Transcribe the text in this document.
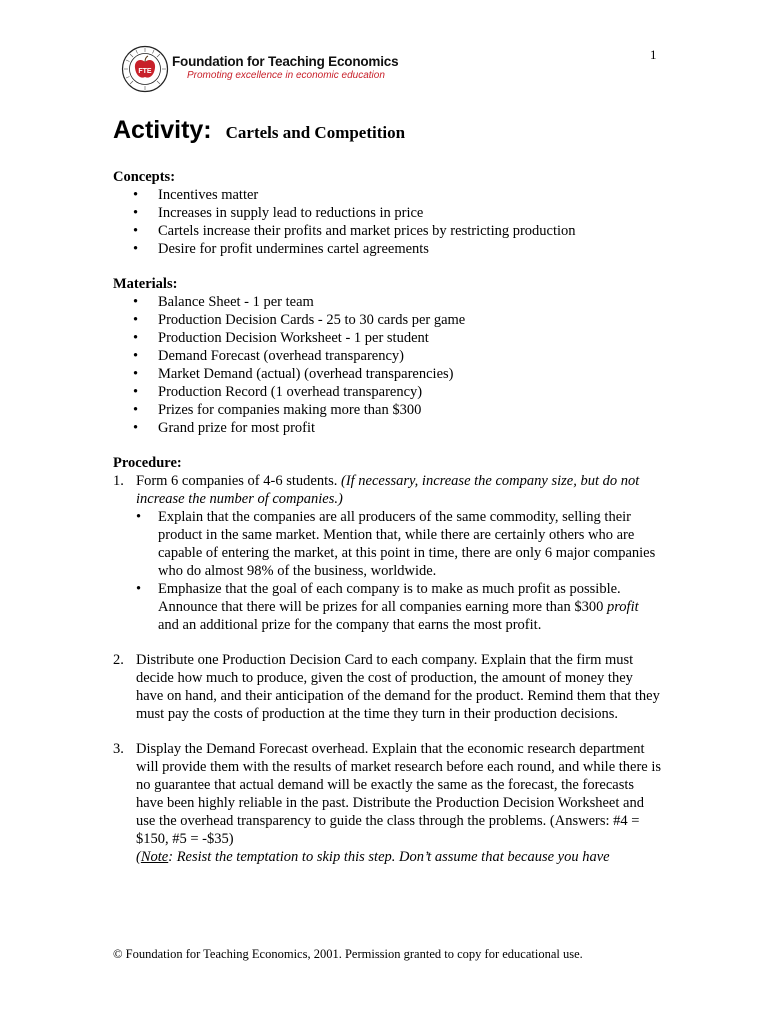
1
FTE
Foundation for Teaching Economics
Promoting excellence in economic education
Activity: Cartels and Competition
Concepts:
• Incentives matter
• Increases in supply lead to reductions in price
• Cartels increase their profits and market prices by restricting production
• Desire for profit undermines cartel agreements
Materials:
• Balance Sheet - 1 per team
• Production Decision Cards - 25 to 30 cards per game
• Production Decision Worksheet - 1 per student
• Demand Forecast (overhead transparency)
• Market Demand (actual) (overhead transparencies)
• Production Record (1 overhead transparency)
• Prizes for companies making more than $300
• Grand prize for most profit
Procedure:
1. Form 6 companies of 4-6 students. (If necessary, increase the company size, but do not increase the number of companies.)
• Explain that the companies are all producers of the same commodity, selling their product in the same market. Mention that, while there are certainly others who are capable of entering the market, at this point in time, there are only 6 major companies who do almost 98% of the business, worldwide.
• Emphasize that the goal of each company is to make as much profit as possible. Announce that there will be prizes for all companies earning more than $300 profit and an additional prize for the company that earns the most profit.
2. Distribute one Production Decision Card to each company. Explain that the firm must decide how much to produce, given the cost of production, the amount of money they have on hand, and their anticipation of the demand for the product. Remind them that they must pay the costs of production at the time they turn in their production decisions.
3. Display the Demand Forecast overhead. Explain that the economic research department will provide them with the results of market research before each round, and while there is no guarantee that actual demand will be exactly the same as the forecast, the forecasts have been highly reliable in the past. Distribute the Production Decision Worksheet and use the overhead transparency to guide the class through the problems. (Answers: #4 = $150, #5 = -$35)
(Note: Resist the temptation to skip this step. Don’t assume that because you have
© Foundation for Teaching Economics, 2001. Permission granted to copy for educational use.
